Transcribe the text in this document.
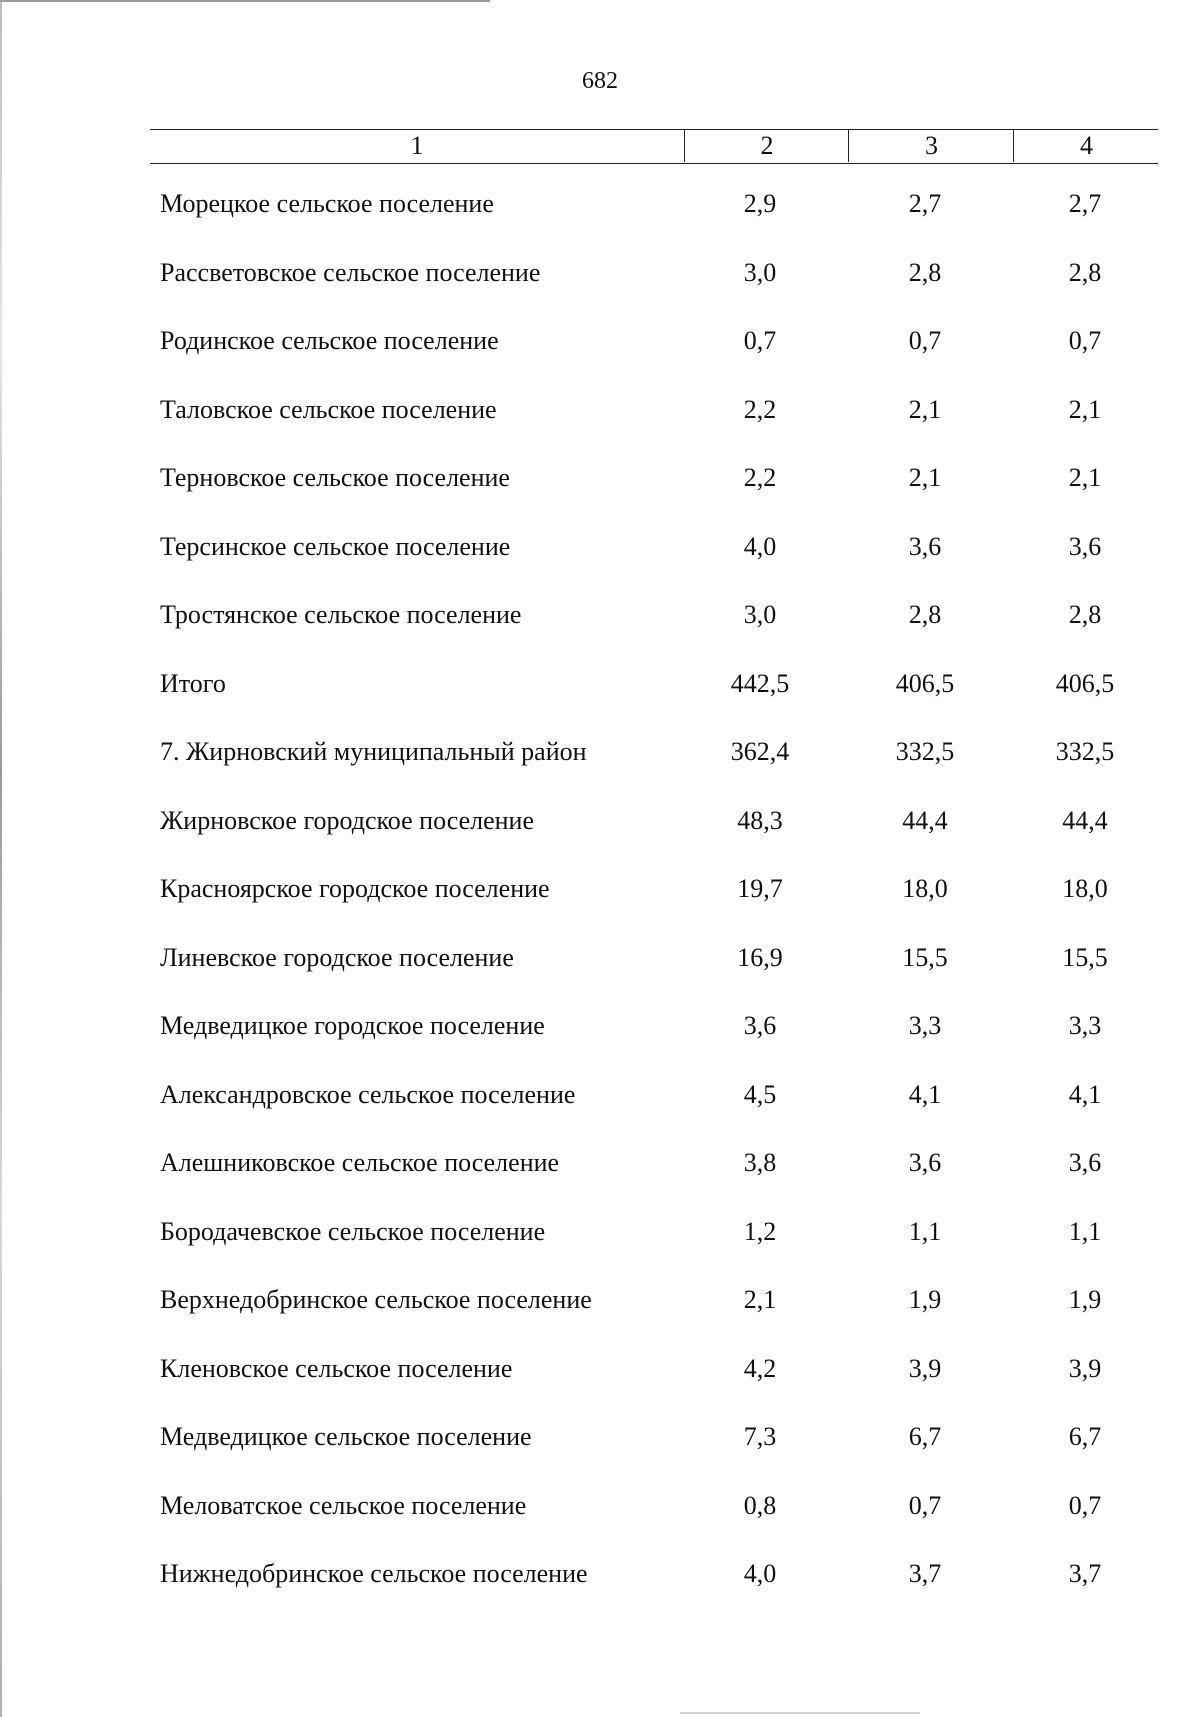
682
1	2	3	4
Морецкое сельское поселение	2,9	2,7	2,7
Рассветовское сельское поселение	3,0	2,8	2,8
Родинское сельское поселение	0,7	0,7	0,7
Таловское сельское поселение	2,2	2,1	2,1
Терновское сельское поселение	2,2	2,1	2,1
Терсинское сельское поселение	4,0	3,6	3,6
Тростянское сельское поселение	3,0	2,8	2,8
Итого	442,5	406,5	406,5
7. Жирновский муниципальный район	362,4	332,5	332,5
Жирновское городское поселение	48,3	44,4	44,4
Красноярское городское поселение	19,7	18,0	18,0
Линевское городское поселение	16,9	15,5	15,5
Медведицкое городское поселение	3,6	3,3	3,3
Александровское сельское поселение	4,5	4,1	4,1
Алешниковское сельское поселение	3,8	3,6	3,6
Бородачевское сельское поселение	1,2	1,1	1,1
Верхнедобринское сельское поселение	2,1	1,9	1,9
Кленовское сельское поселение	4,2	3,9	3,9
Медведицкое сельское поселение	7,3	6,7	6,7
Меловатское сельское поселение	0,8	0,7	0,7
Нижнедобринское сельское поселение	4,0	3,7	3,7
